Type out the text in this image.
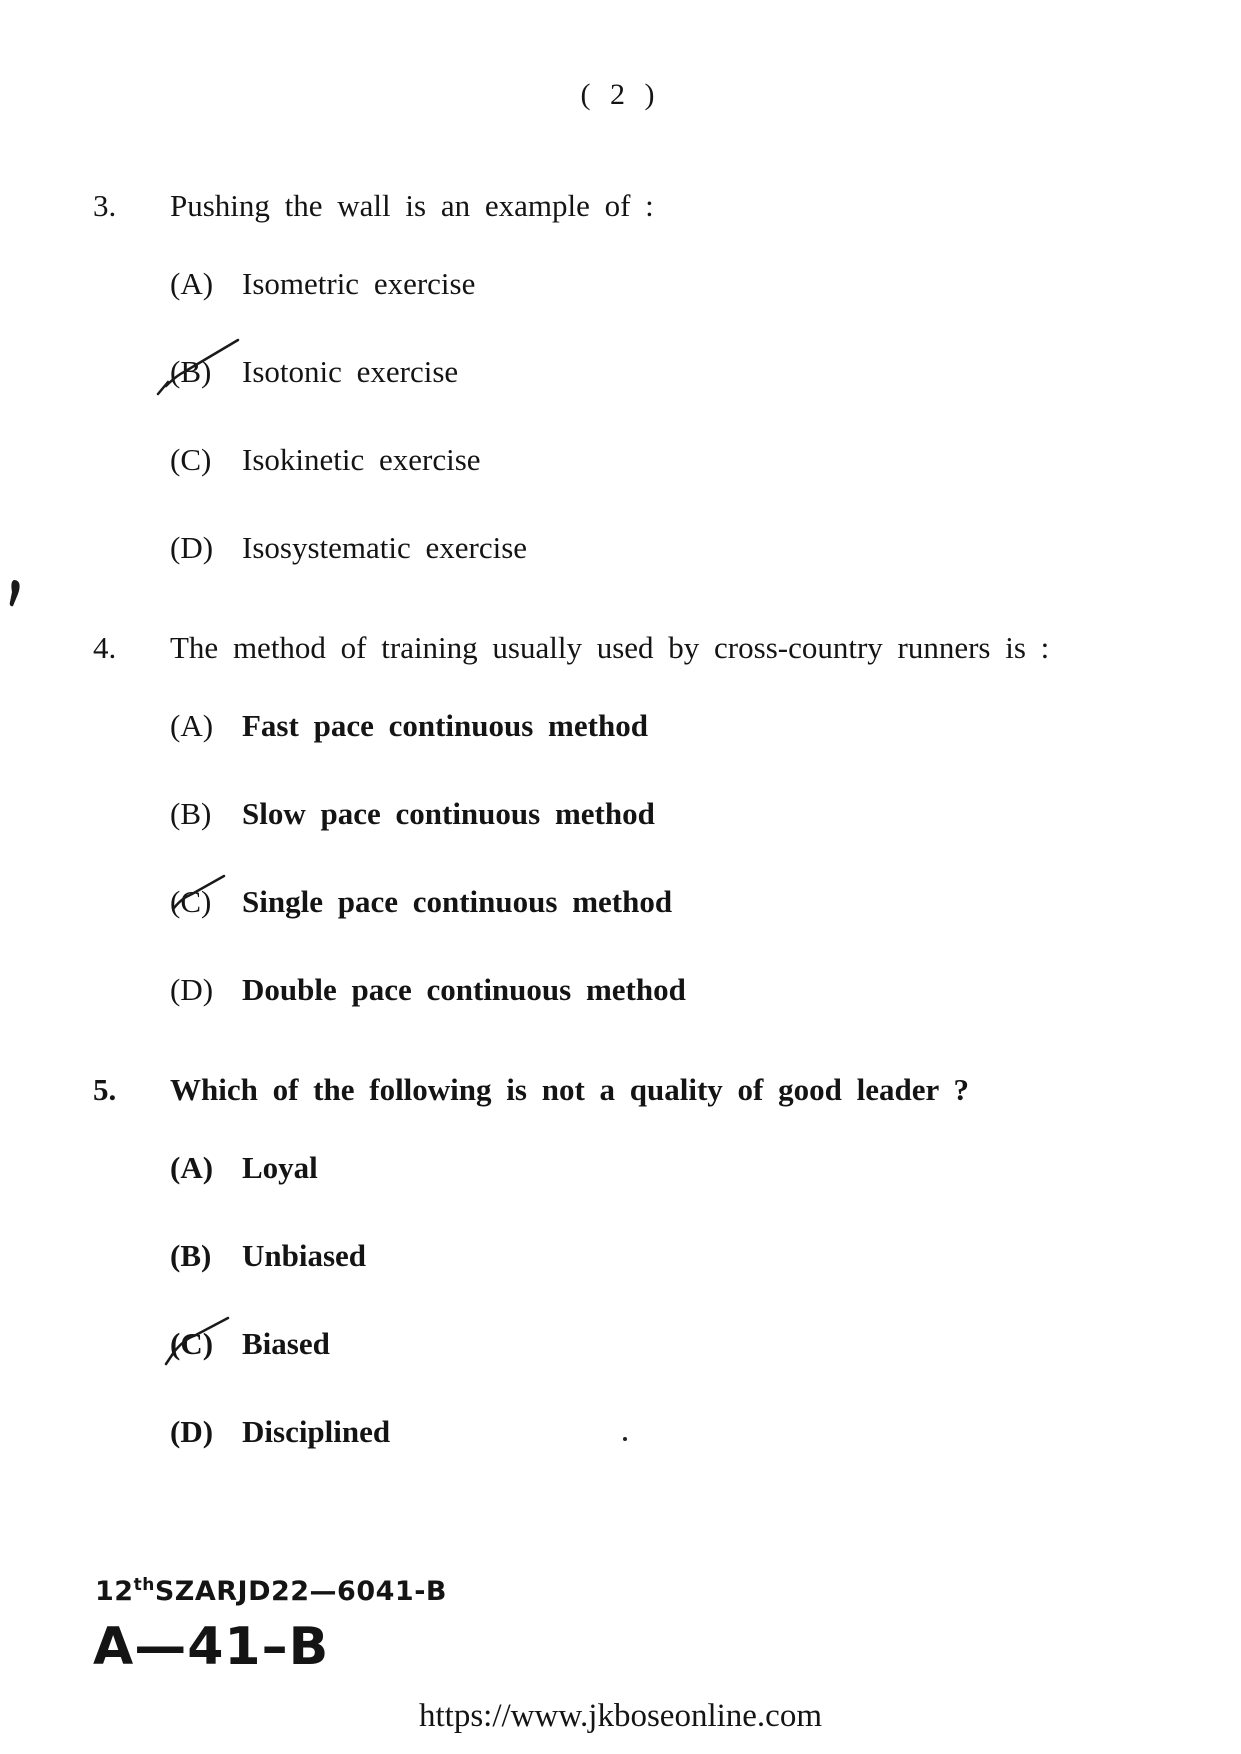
( 2 )
3.	Pushing the wall is an example of :
(A) Isometric exercise
(B) Isotonic exercise
(C) Isokinetic exercise
(D) Isosystematic exercise
4.	The method of training usually used by cross-country runners is :
(A) Fast pace continuous method
(B) Slow pace continuous method
(C) Single pace continuous method
(D) Double pace continuous method
5.	Which of the following is not a quality of good leader ?
(A) Loyal
(B) Unbiased
(C) Biased
(D) Disciplined
12thSZARJD22—6041-B
A—41–B
https://www.jkboseonline.com
